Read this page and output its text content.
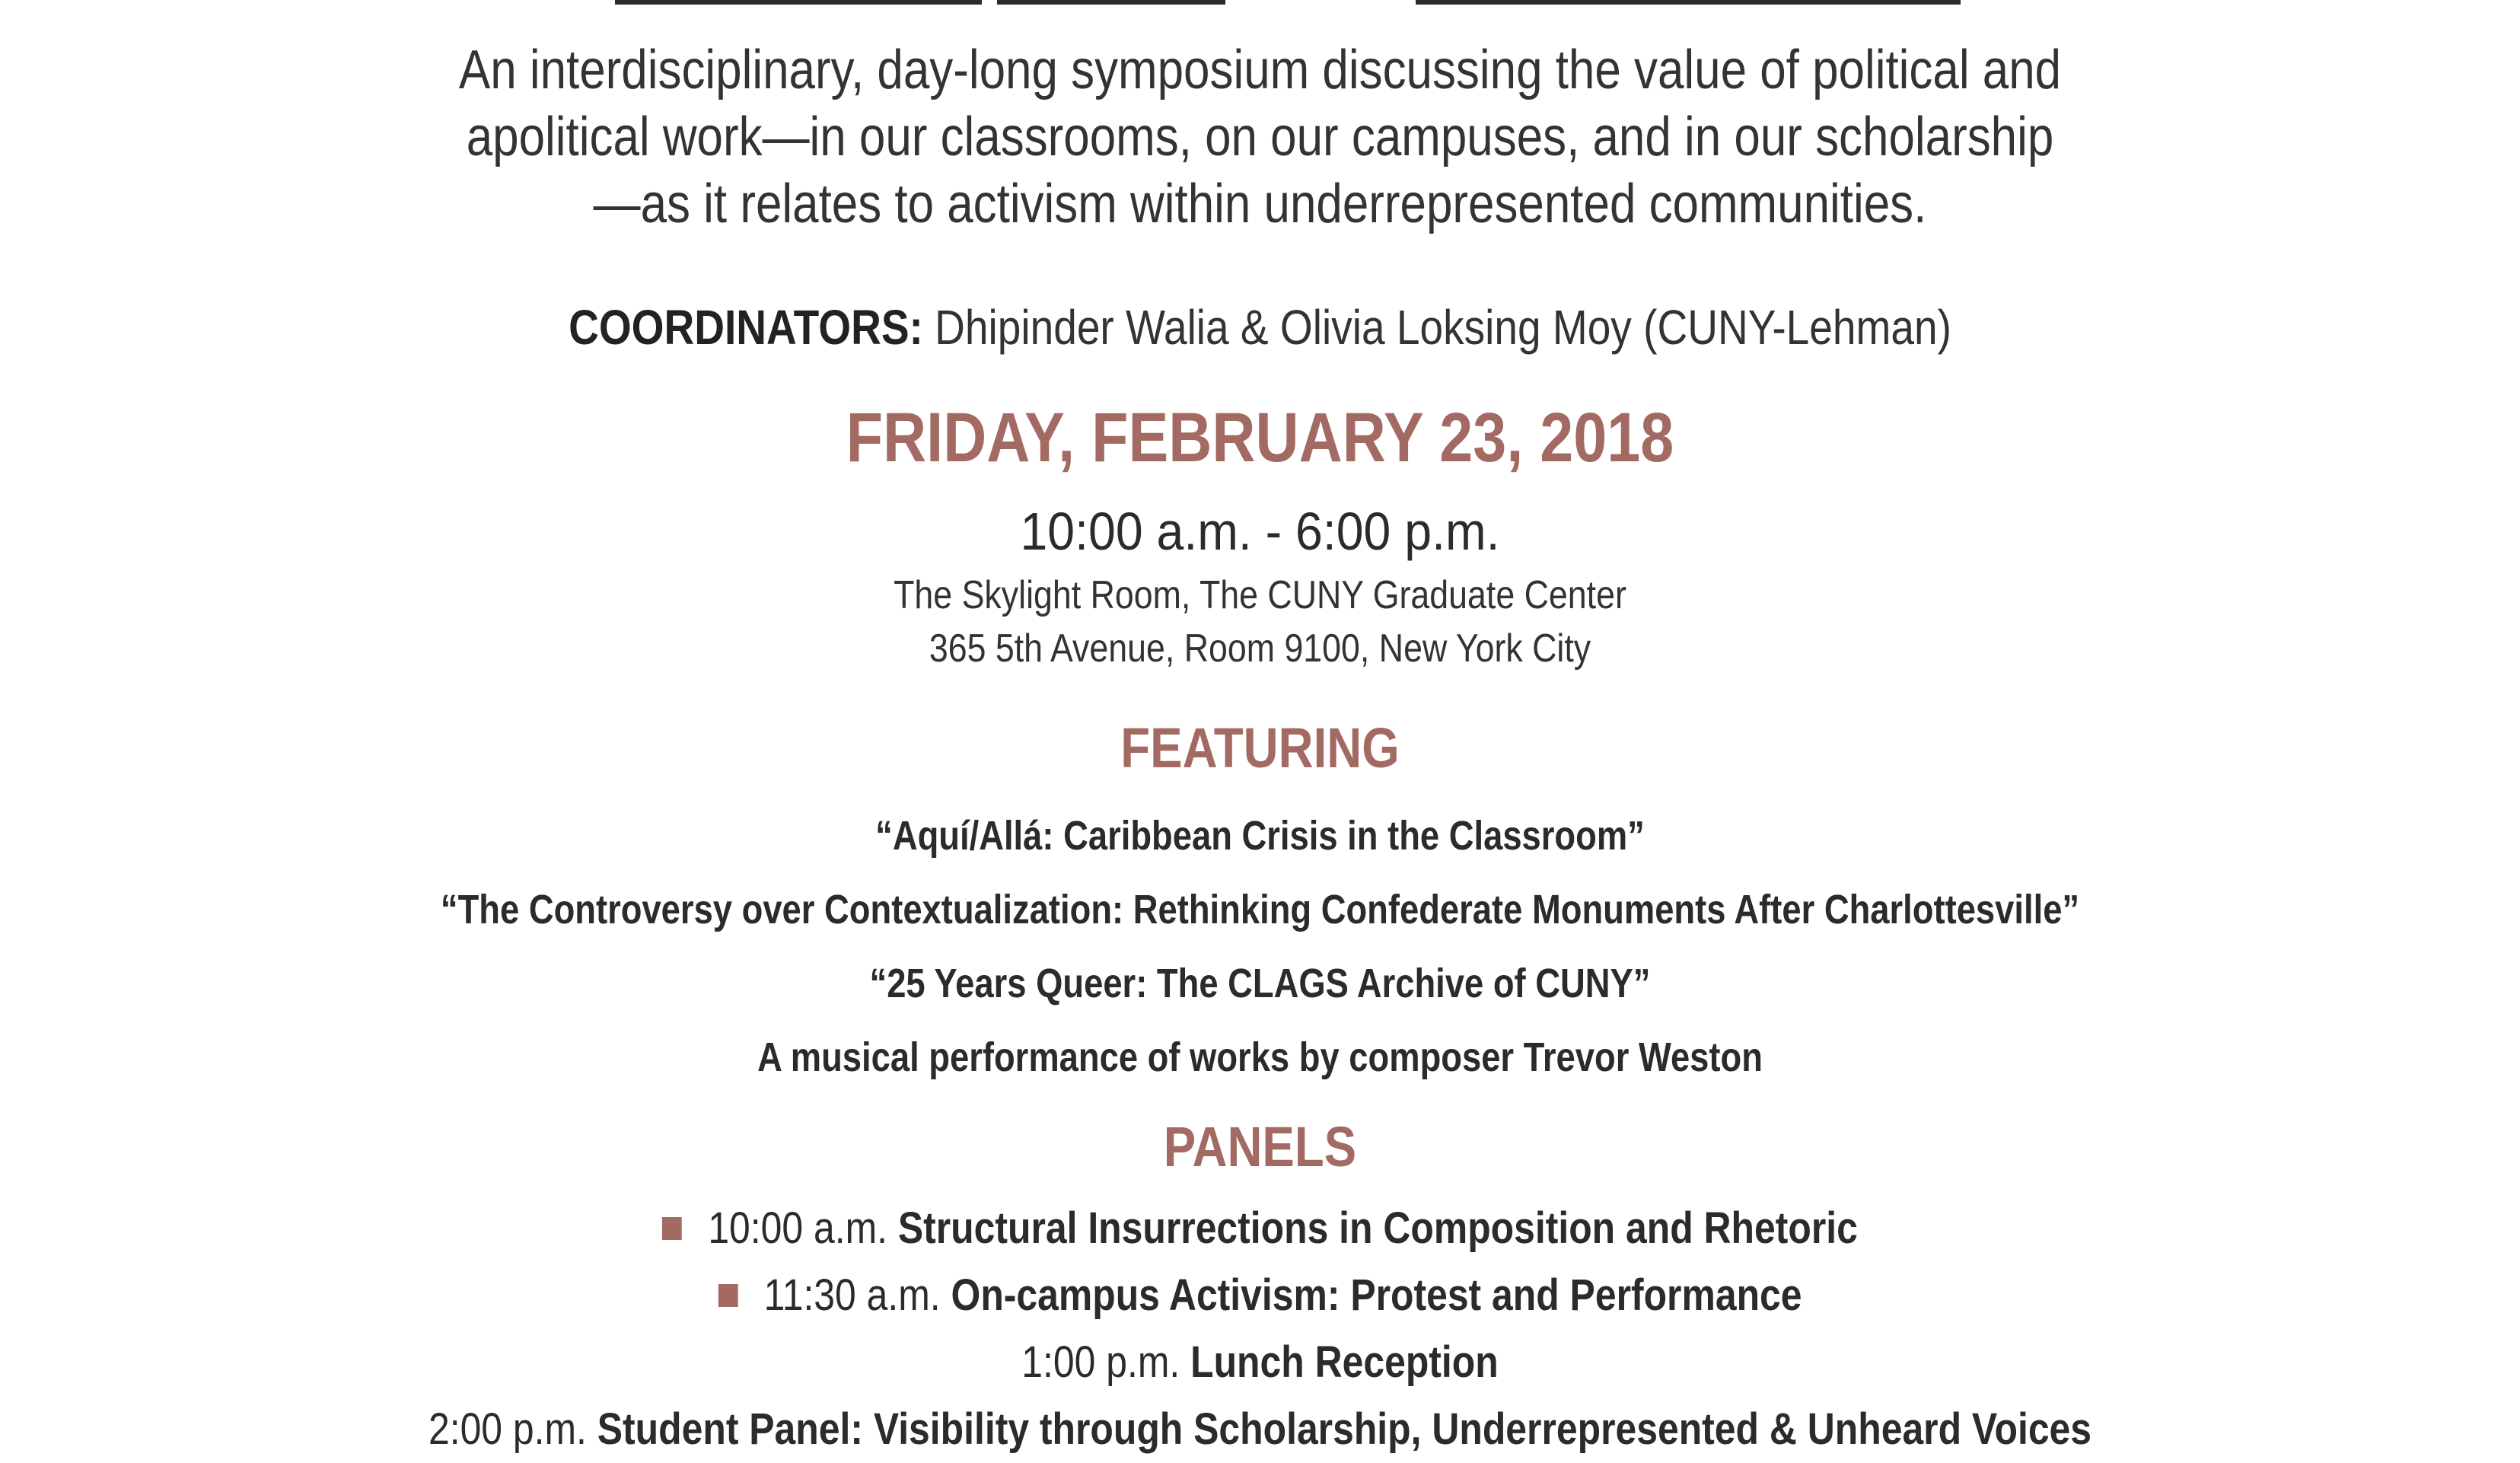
An interdisciplinary, day-long symposium discussing the value of political and
apolitical work—in our classrooms, on our campuses, and in our scholarship
—as it relates to activism within underrepresented communities.
COORDINATORS: Dhipinder Walia & Olivia Loksing Moy (CUNY-Lehman)
FRIDAY, FEBRUARY 23, 2018
10:00 a.m. - 6:00 p.m.
The Skylight Room, The CUNY Graduate Center
365 5th Avenue, Room 9100, New York City
FEATURING
“Aquí/Allá: Caribbean Crisis in the Classroom”
“The Controversy over Contextualization: Rethinking Confederate Monuments After Charlottesville”
“25 Years Queer: The CLAGS Archive of CUNY”
A musical performance of works by composer Trevor Weston
PANELS
10:00 a.m. Structural Insurrections in Composition and Rhetoric
11:30 a.m. On-campus Activism: Protest and Performance
1:00 p.m. Lunch Reception
2:00 p.m. Student Panel: Visibility through Scholarship, Underrepresented & Unheard Voices
